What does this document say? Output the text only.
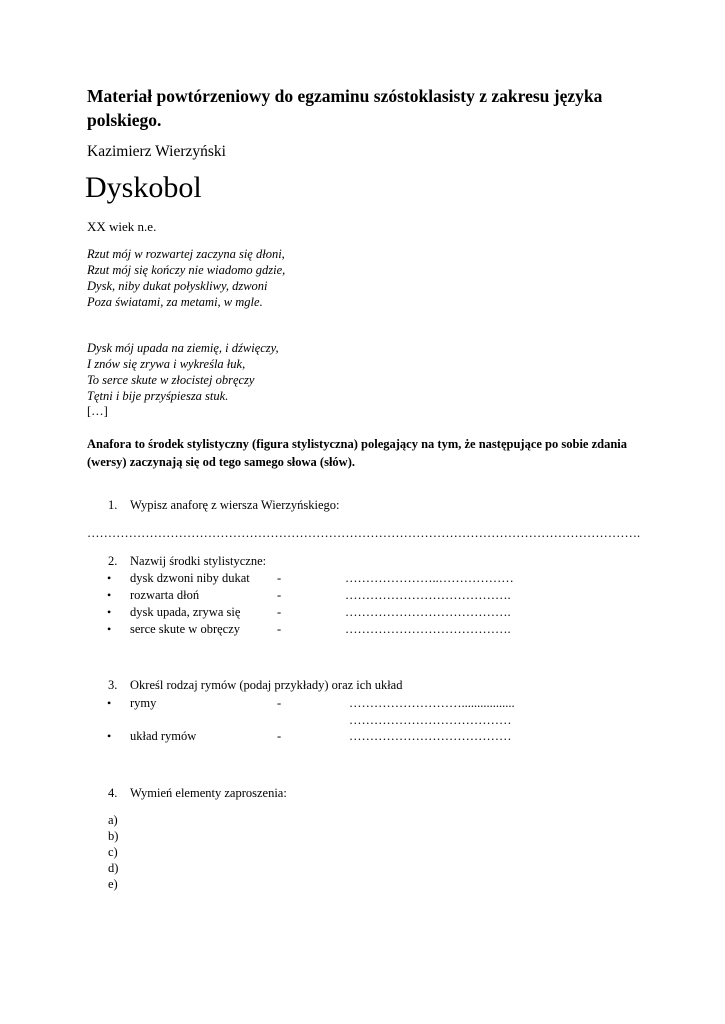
Materiał powtórzeniowy do egzaminu szóstoklasisty z zakresu języka polskiego.
Kazimierz Wierzyński
Dyskobol
XX wiek n.e.
Rzut mój w rozwartej zaczyna się dłoni,
Rzut mój się kończy nie wiadomo gdzie,
Dysk, niby dukat połyskliwy, dzwoni
Poza światami, za metami, w mgle.
Dysk mój upada na ziemię, i dźwięczy,
I znów się zrywa i wykreśla łuk,
To serce skute w złocistej obręczy
Tętni i bije przyśpiesza stuk.
[…]
Anafora to środek stylistyczny (figura stylistyczna) polegający na tym, że następujące po sobie zdania (wersy) zaczynają się od tego samego słowa (słów).
1. Wypisz anaforę z wiersza Wierzyńskiego:
…………………………………………………………………………………………………………………….
2. Nazwij środki stylistyczne:
• dysk dzwoni niby dukat -	…………………..………………
• rozwarta dłoń	-	………………………………….
• dysk upada, zrywa się	-	………………………………….
• serce skute w obręczy	-	………………………………….
3. Określ rodzaj rymów (podaj przykłady) oraz ich układ
• rymy	-	……………………….................
…………………………………
• układ rymów	-	…………………………………
4. Wymień elementy zaproszenia:
a)
b)
c)
d)
e)
